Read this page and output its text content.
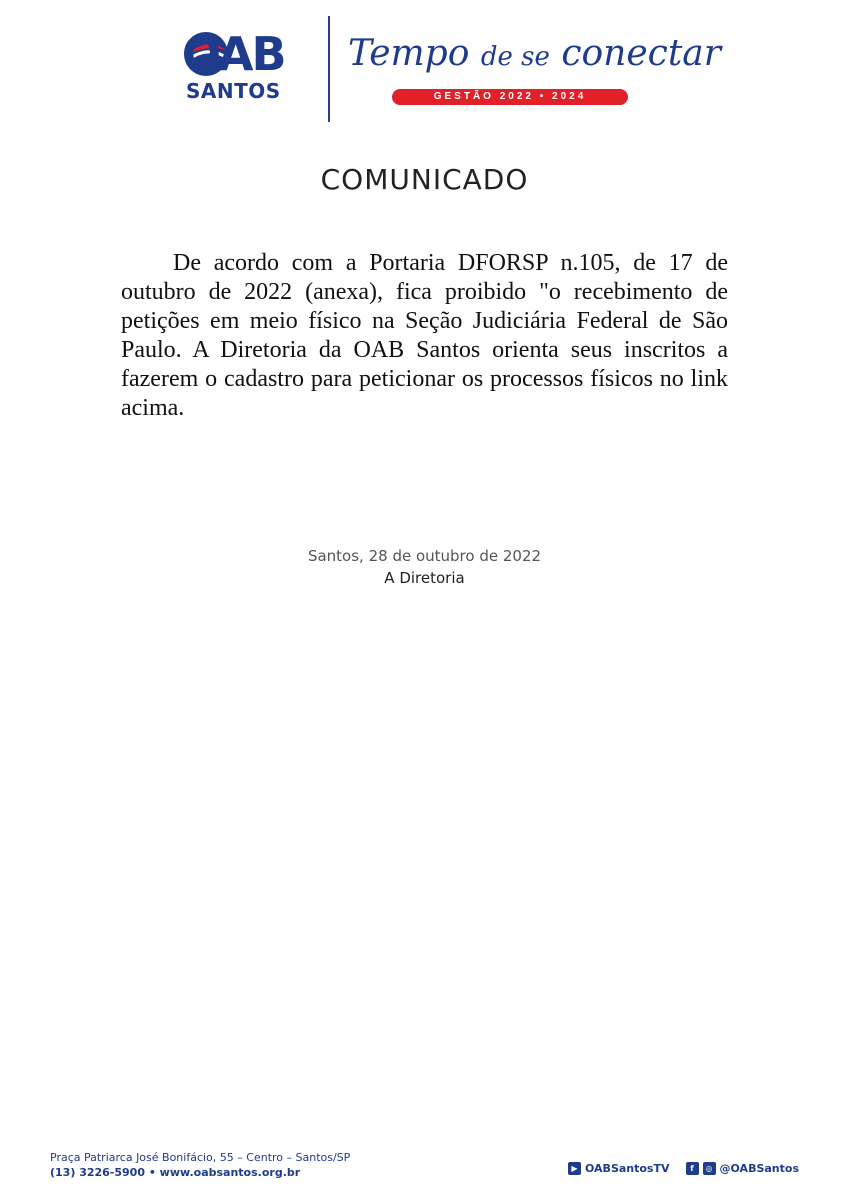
OAB
SANTOS
Tempo de se conectar
GESTÃO 2022 • 2024
COMUNICADO

De acordo com a Portaria DFORSP n.105, de 17 de outubro de 2022 (anexa), fica proibido "o recebimento de petições em meio físico na Seção Judiciária Federal de São Paulo. A Diretoria da OAB Santos orienta seus inscritos a fazerem o cadastro para peticionar os processos físicos no link acima.

Santos, 28 de outubro de 2022
A Diretoria
Praça Patriarca José Bonifácio, 55 – Centro – Santos/SP
(13) 3226-5900 • www.oabsantos.org.br	▶ OABSantosTV	f	◎ @OABSantos
